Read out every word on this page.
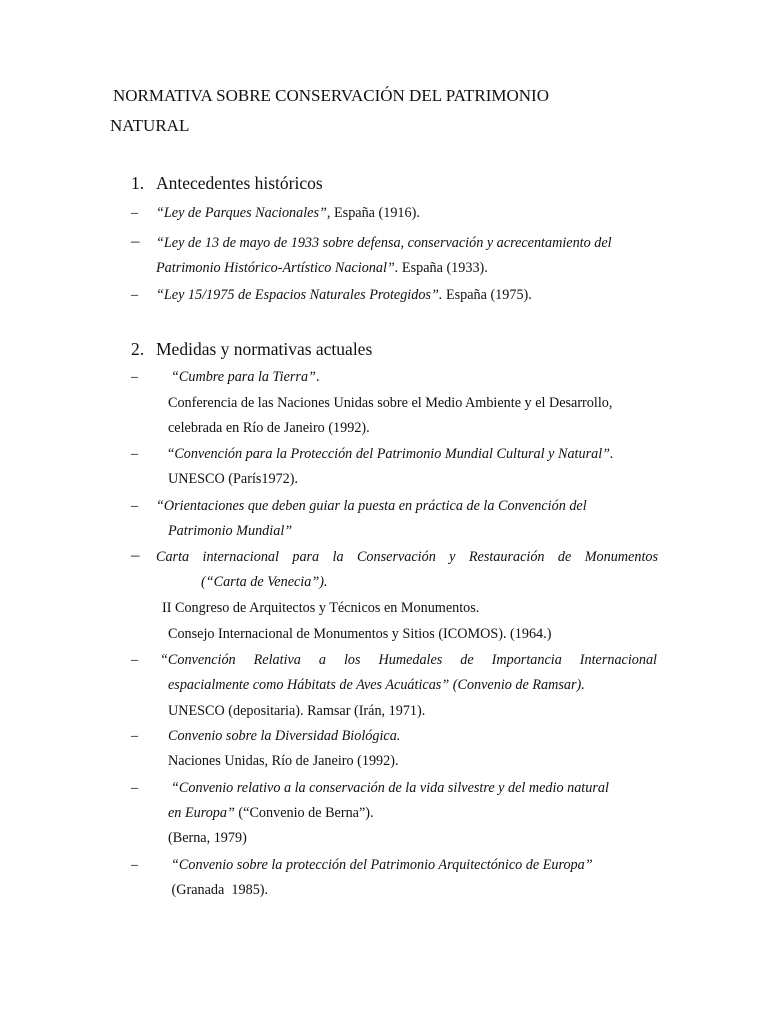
NORMATIVA SOBRE CONSERVACIÓN DEL PATRIMONIO
NATURAL
1. Antecedentes históricos
– “Ley de Parques Nacionales”, España (1916).
– “Ley de 13 de mayo de 1933 sobre defensa, conservación y acrecentamiento del
Patrimonio Histórico-Artístico Nacional”. España (1933).
– “Ley 15/1975 de Espacios Naturales Protegidos”. España (1975).
2. Medidas y normativas actuales
– “Cumbre para la Tierra”.
Conferencia de las Naciones Unidas sobre el Medio Ambiente y el Desarrollo,
celebrada en Río de Janeiro (1992).
– “Convención para la Protección del Patrimonio Mundial Cultural y Natural”.
UNESCO (París1972).
– “Orientaciones que deben guiar la puesta en práctica de la Convención del
Patrimonio Mundial”
– Carta internacional para la Conservación y Restauración de Monumentos
(“Carta de Venecia”).
II Congreso de Arquitectos y Técnicos en Monumentos.
Consejo Internacional de Monumentos y Sitios (ICOMOS). (1964.)
– “Convención Relativa a los Humedales de Importancia Internacional
espacialmente como Hábitats de Aves Acuáticas” (Convenio de Ramsar).
UNESCO (depositaria). Ramsar (Irán, 1971).
– Convenio sobre la Diversidad Biológica.
Naciones Unidas, Río de Janeiro (1992).
– “Convenio relativo a la conservación de la vida silvestre y del medio natural
en Europa” (“Convenio de Berna”).
(Berna, 1979)
– “Convenio sobre la protección del Patrimonio Arquitectónico de Europa”
(Granada  1985).
